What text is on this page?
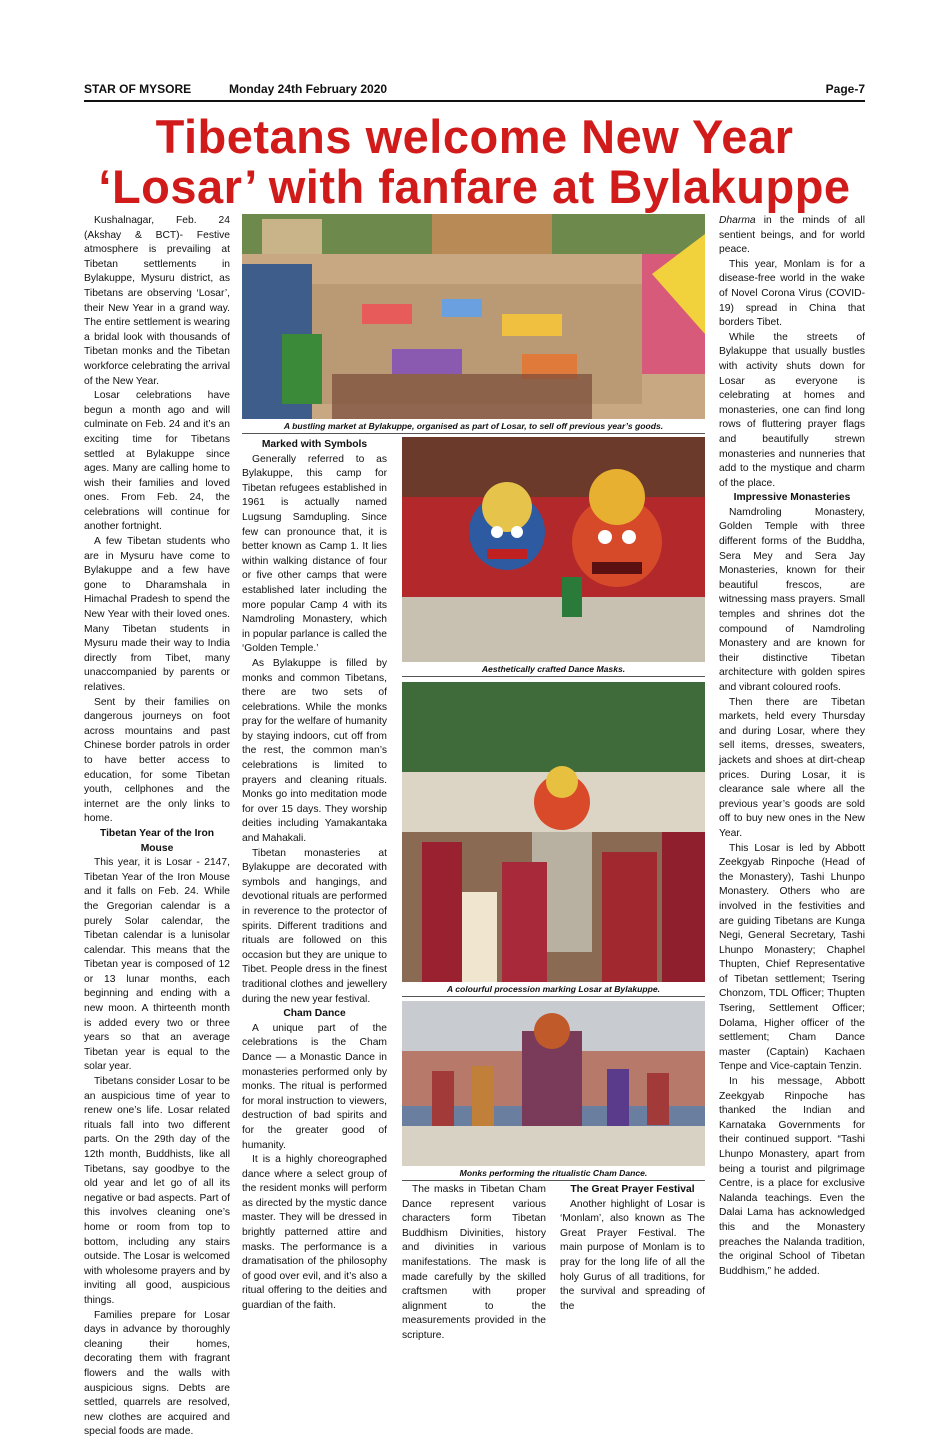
STAR OF MYSORE	Monday 24th February 2020	Page-7
Tibetans welcome New Year
‘Losar’ with fanfare at Bylakuppe
A bustling market at Bylakuppe, organised as part of Losar, to sell off previous year’s goods.
Aesthetically crafted Dance Masks.
A colourful procession marking Losar at Bylakuppe.
Monks performing the ritualistic Cham Dance.

Kushalnagar, Feb. 24 (Akshay & BCT)- Festive atmosphere is prevailing at Tibetan settlements in Bylakuppe, Mysuru district, as Tibetans are observing ‘Losar’, their New Year in a grand way. The entire settlement is wearing a bridal look with thousands of Tibetan monks and the Tibetan workforce celebrating the arrival of the New Year.

Losar celebrations have begun a month ago and will culminate on Feb. 24 and it’s an exciting time for Tibetans settled at Bylakuppe since ages. Many are calling home to wish their families and loved ones. From Feb. 24, the celebrations will continue for another fortnight.

A few Tibetan students who are in Mysuru have come to Bylakuppe and a few have gone to Dharamshala in Himachal Pradesh to spend the New Year with their loved ones. Many Tibetan students in Mysuru made their way to India directly from Tibet, many unaccompanied by parents or relatives.

Sent by their families on dangerous journeys on foot across mountains and past Chinese border patrols in order to have better access to education, for some Tibetan youth, cellphones and the internet are the only links to home.

Tibetan Year of the Iron Mouse

This year, it is Losar - 2147, Tibetan Year of the Iron Mouse and it falls on Feb. 24. While the Gregorian calendar is a purely Solar calendar, the Tibetan calendar is a lunisolar calendar. This means that the Tibetan year is composed of 12 or 13 lunar months, each beginning and ending with a new moon. A thirteenth month is added every two or three years so that an average Tibetan year is equal to the solar year.

Tibetans consider Losar to be an auspicious time of year to renew one’s life. Losar related rituals fall into two different parts. On the 29th day of the 12th month, Buddhists, like all Tibetans, say goodbye to the old year and let go of all its negative or bad aspects. Part of this involves cleaning one’s home or room from top to bottom, including any stairs outside. The Losar is welcomed with wholesome prayers and by inviting all good, auspicious things.

Families prepare for Losar days in advance by thoroughly cleaning their homes, decorating them with fragrant flowers and the walls with auspicious signs. Debts are settled, quarrels are resolved, new clothes are acquired and special foods are made.

Marked with Symbols

Generally referred to as Bylakuppe, this camp for Tibetan refugees established in 1961 is actually named Lugsung Samdupling. Since few can pronounce that, it is better known as Camp 1. It lies within walking distance of four or five other camps that were established later including the more popular Camp 4 with its Namdroling Monastery, which in popular parlance is called the ‘Golden Temple.’

As Bylakuppe is filled by monks and common Tibetans, there are two sets of celebrations. While the monks pray for the welfare of humanity by staying indoors, cut off from the rest, the common man’s celebrations is limited to prayers and cleaning rituals. Monks go into meditation mode for over 15 days. They worship deities including Yamakantaka and Mahakali.

Tibetan monasteries at Bylakuppe are decorated with symbols and hangings, and devotional rituals are performed in reverence to the protector of spirits. Different traditions and rituals are followed on this occasion but they are unique to Tibet. People dress in the finest traditional clothes and jewellery during the new year festival.

Cham Dance

A unique part of the celebrations is the Cham Dance — a Monastic Dance in monasteries performed only by monks. The ritual is performed for moral instruction to viewers, destruction of bad spirits and for the greater good of humanity.

It is a highly choreographed dance where a select group of the resident monks will perform as directed by the mystic dance master. They will be dressed in brightly patterned attire and masks. The performance is a dramatisation of the philosophy of good over evil, and it’s also a ritual offering to the deities and guardian of the faith.

The masks in Tibetan Cham Dance represent various characters form Tibetan Buddhism Divinities, history and divinities in various manifestations. The mask is made carefully by the skilled craftsmen with proper alignment to the measurements provided in the scripture.

The Great Prayer Festival

Another highlight of Losar is ‘Monlam’, also known as The Great Prayer Festival. The main purpose of Monlam is to pray for the long life of all the holy Gurus of all traditions, for the survival and spreading of the

Dharma in the minds of all sentient beings, and for world peace.

This year, Monlam is for a disease-free world in the wake of Novel Corona Virus (COVID-19) spread in China that borders Tibet.

While the streets of Bylakuppe that usually bustles with activity shuts down for Losar as everyone is celebrating at homes and monasteries, one can find long rows of fluttering prayer flags and beautifully strewn monasteries and nunneries that add to the mystique and charm of the place.

Impressive Monasteries

Namdroling Monastery, Golden Temple with three different forms of the Buddha, Sera Mey and Sera Jay Monasteries, known for their beautiful frescos, are witnessing mass prayers. Small temples and shrines dot the compound of Namdroling Monastery and are known for their distinctive Tibetan architecture with golden spires and vibrant coloured roofs.

Then there are Tibetan markets, held every Thursday and during Losar, where they sell items, dresses, sweaters, jackets and shoes at dirt-cheap prices. During Losar, it is clearance sale where all the previous year’s goods are sold off to buy new ones in the New Year.

This Losar is led by Abbott Zeekgyab Rinpoche (Head of the Monastery), Tashi Lhunpo Monastery. Others who are involved in the festivities and are guiding Tibetans are Kunga Negi, General Secretary, Tashi Lhunpo Monastery; Chaphel Thupten, Chief Representative of Tibetan settlement; Tsering Chonzom, TDL Officer; Thupten Tsering, Settlement Officer; Dolama, Higher officer of the settlement; Cham Dance master (Captain) Kachaen Tenpe and Vice-captain Tenzin.

In his message, Abbott Zeekgyab Rinpoche has thanked the Indian and Karnataka Governments for their continued support. “Tashi Lhunpo Monastery, apart from being a tourist and pilgrimage Centre, is a place for exclusive Nalanda teachings. Even the Dalai Lama has acknowledged this and the Monastery preaches the Nalanda tradition, the original School of Tibetan Buddhism,” he added.
